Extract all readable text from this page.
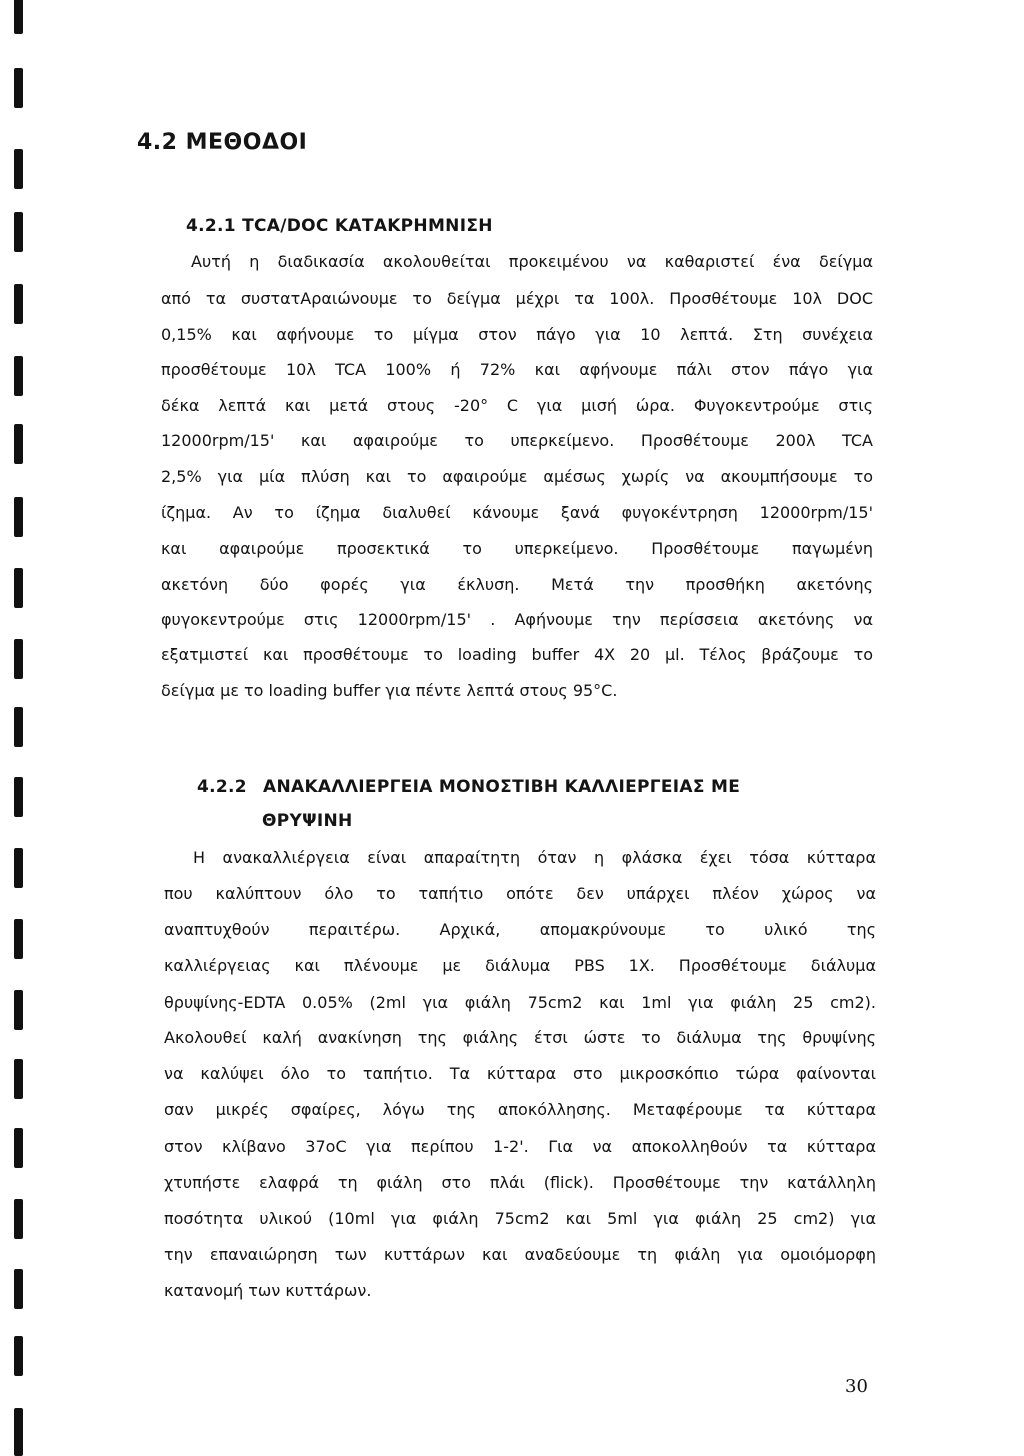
4.2 ΜΕΘΟΔΟΙ
4.2.1 TCA/DOC ΚΑΤΑΚΡΗΜΝΙΣΗ
Αυτή η διαδικασία ακολουθείται προκειμένου να καθαριστεί ένα δείγμα
από τα συστατΑραιώνουμε το δείγμα μέχρι τα 100λ. Προσθέτουμε 10λ DOC
0,15% και αφήνουμε το μίγμα στον πάγο για 10 λεπτά. Στη συνέχεια
προσθέτουμε 10λ TCA 100% ή 72% και αφήνουμε πάλι στον πάγο για
δέκα λεπτά και μετά στους -20° C για μισή ώρα. Φυγοκεντρούμε στις
12000rpm/15' και αφαιρούμε το υπερκείμενο. Προσθέτουμε 200λ TCA
2,5% για μία πλύση και το αφαιρούμε αμέσως χωρίς να ακουμπήσουμε το
ίζημα. Αν το ίζημα διαλυθεί κάνουμε ξανά φυγοκέντρηση 12000rpm/15'
και αφαιρούμε προσεκτικά το υπερκείμενο. Προσθέτουμε παγωμένη
ακετόνη δύο φορές για έκλυση. Μετά την προσθήκη ακετόνης
φυγοκεντρούμε στις 12000rpm/15' . Αφήνουμε την περίσσεια ακετόνης να
εξατμιστεί και προσθέτουμε το loading buffer 4X 20 μl. Τέλος βράζουμε το
δείγμα με το loading buffer για πέντε λεπτά στους 95°C.
4.2.2 ΑΝΑΚΑΛΛΙΕΡΓΕΙΑ ΜΟΝΟΣΤΙΒΗ ΚΑΛΛΙΕΡΓΕΙΑΣ ΜΕ
ΘΡΥΨΙΝΗ
Η ανακαλλιέργεια είναι απαραίτητη όταν η φλάσκα έχει τόσα κύτταρα
που καλύπτουν όλο το ταπήτιο οπότε δεν υπάρχει πλέον χώρος να
αναπτυχθούν περαιτέρω. Αρχικά, απομακρύνουμε το υλικό της
καλλιέργειας και πλένουμε με διάλυμα PBS 1X. Προσθέτουμε διάλυμα
θρυψίνης-EDTA 0.05% (2ml για φιάλη 75cm2 και 1ml για φιάλη 25 cm2).
Ακολουθεί καλή ανακίνηση της φιάλης έτσι ώστε το διάλυμα της θρυψίνης
να καλύψει όλο το ταπήτιο. Τα κύτταρα στο μικροσκόπιο τώρα φαίνονται
σαν μικρές σφαίρες, λόγω της αποκόλλησης. Μεταφέρουμε τα κύτταρα
στον κλίβανο 37oC για περίπου 1-2'. Για να αποκολληθούν τα κύτταρα
χτυπήστε ελαφρά τη φιάλη στο πλάι (flick). Προσθέτουμε την κατάλληλη
ποσότητα υλικού (10ml για φιάλη 75cm2 και 5ml για φιάλη 25 cm2) για
την επαναιώρηση των κυττάρων και αναδεύουμε τη φιάλη για ομοιόμορφη
κατανομή των κυττάρων.
30
